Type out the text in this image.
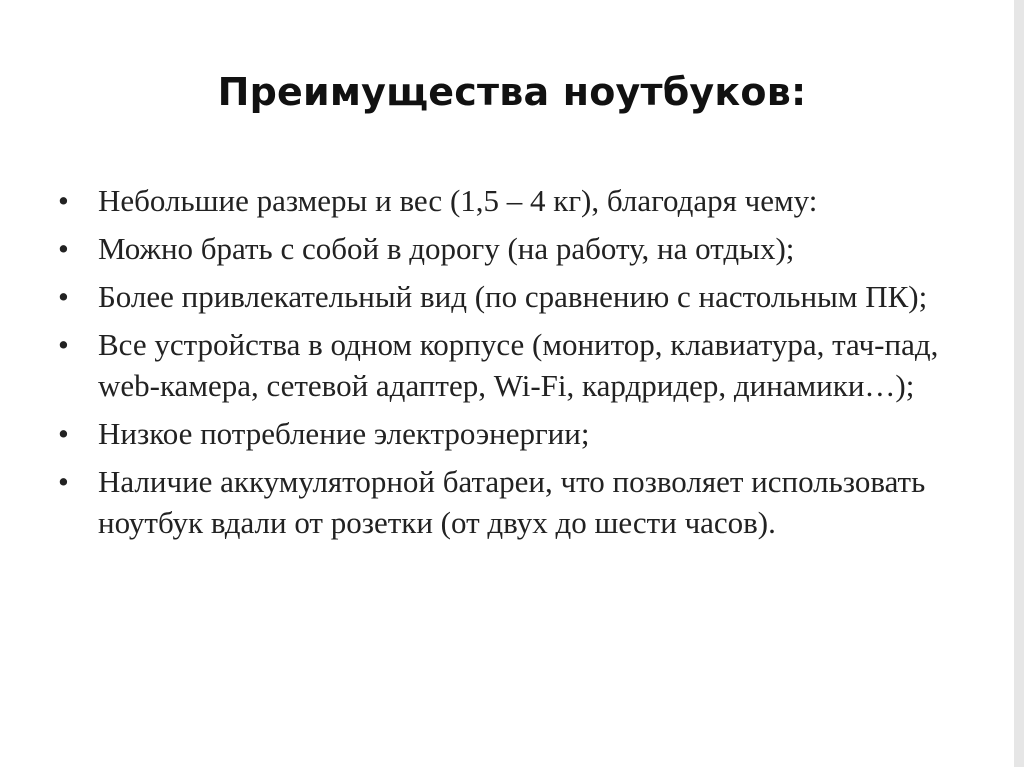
Преимущества ноутбуков:
• Небольшие размеры и вес (1,5 – 4 кг), благодаря чему:
• Можно брать с собой в дорогу (на работу, на отдых);
• Более привлекательный вид (по сравнению с настольным ПК);
• Все устройства в одном корпусе (монитор, клавиатура, тач-пад, web-камера, сетевой адаптер, Wi-Fi, кардридер, динамики…);
• Низкое потребление электроэнергии;
• Наличие аккумуляторной батареи, что позволяет использовать ноутбук вдали от розетки (от двух до шести часов).
